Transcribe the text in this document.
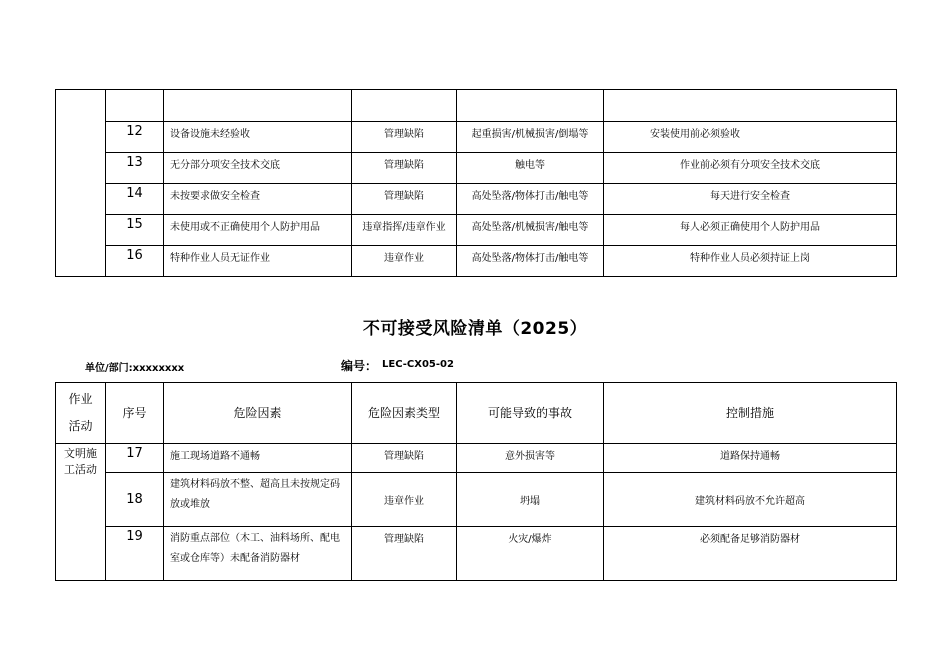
	12	设备设施未经验收	管理缺陷	起重损害/机械损害/倒塌等	安装使用前必须验收
	13	无分部分项安全技术交底	管理缺陷	触电等	作业前必须有分项安全技术交底
	14	未按要求做安全检查	管理缺陷	高处坠落/物体打击/触电等	每天进行安全检查
	15	未使用或不正确使用个人防护用品	违章指挥/违章作业	高处坠落/机械损害/触电等	每人必须正确使用个人防护用品
	16	特种作业人员无证作业	违章作业	高处坠落/物体打击/触电等	特种作业人员必须持证上岗
不可接受风险清单（2025）
单位/部门:xxxxxxxx	编号： LEC-CX05-02
作业
活动	序号	危险因素	危险因素类型	可能导致的事故	控制措施
文明施
工活动	17	施工现场道路不通畅	管理缺陷	意外损害等	道路保持通畅
	18	建筑材料码放不整、超高且未按规定码
放或堆放	违章作业	坍塌	建筑材料码放不允许超高
	19	消防重点部位（木工、油料场所、配电
室或仓库等）未配备消防器材	管理缺陷	火灾/爆炸	必须配备足够消防器材
